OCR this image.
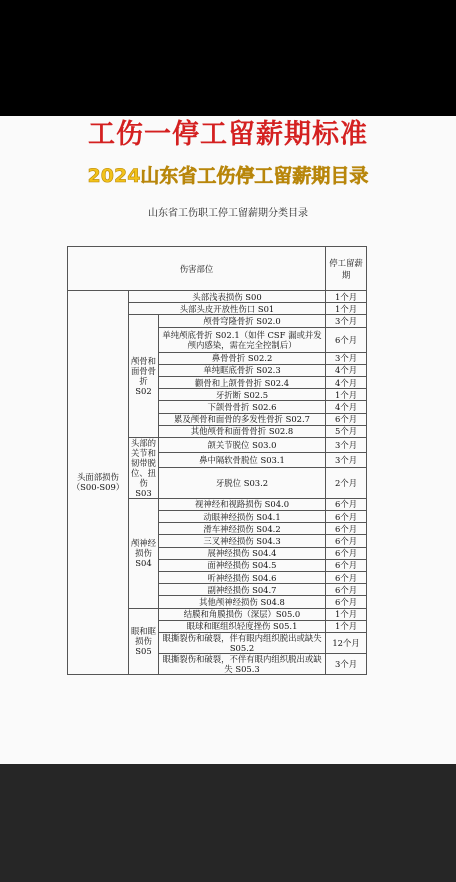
工伤一停工留薪期标准
2024山东省工伤停工留薪期目录
山东省工伤职工停工留薪期分类目录
伤害部位			停工留薪期
头面部损伤（S00-S09）	头部浅表损伤 S00		1个月
	头部头皮开放性伤口 S01		1个月
	颅骨和面骨骨折 S02	颅骨穹隆骨折 S02.0	3个月
		单纯颅底骨折 S02.1（如伴 CSF 漏或并发颅内感染，需在完全控制后）	6个月
		鼻骨骨折 S02.2	3个月
		单纯眶底骨折 S02.3	4个月
		颧骨和上颌骨骨折 S02.4	4个月
		牙折断 S02.5	1个月
		下颌骨骨折 S02.6	4个月
		累及颅骨和面骨的多发性骨折 S02.7	6个月
		其他颅骨和面骨骨折 S02.8	5个月
	头部的关节和韧带脱位、扭伤 S03	颌关节脱位 S03.0	3个月
		鼻中隔软骨脱位 S03.1	3个月
		牙脱位 S03.2	2个月
	颅神经损伤 S04	视神经和视路损伤 S04.0	6个月
		动眼神经损伤 S04.1	6个月
		滑车神经损伤 S04.2	6个月
		三叉神经损伤 S04.3	6个月
		展神经损伤 S04.4	6个月
		面神经损伤 S04.5	6个月
		听神经损伤 S04.6	6个月
		副神经损伤 S04.7	6个月
		其他颅神经损伤 S04.8	6个月
	眼和眶损伤 S05	结膜和角膜损伤（深层）S05.0	1个月
		眼球和眶组织轻度挫伤 S05.1	1个月
		眼撕裂伤和破裂，伴有眼内组织脱出或缺失 S05.2	12个月
		眼撕裂伤和破裂，不伴有眼内组织脱出或缺失 S05.3	3个月
